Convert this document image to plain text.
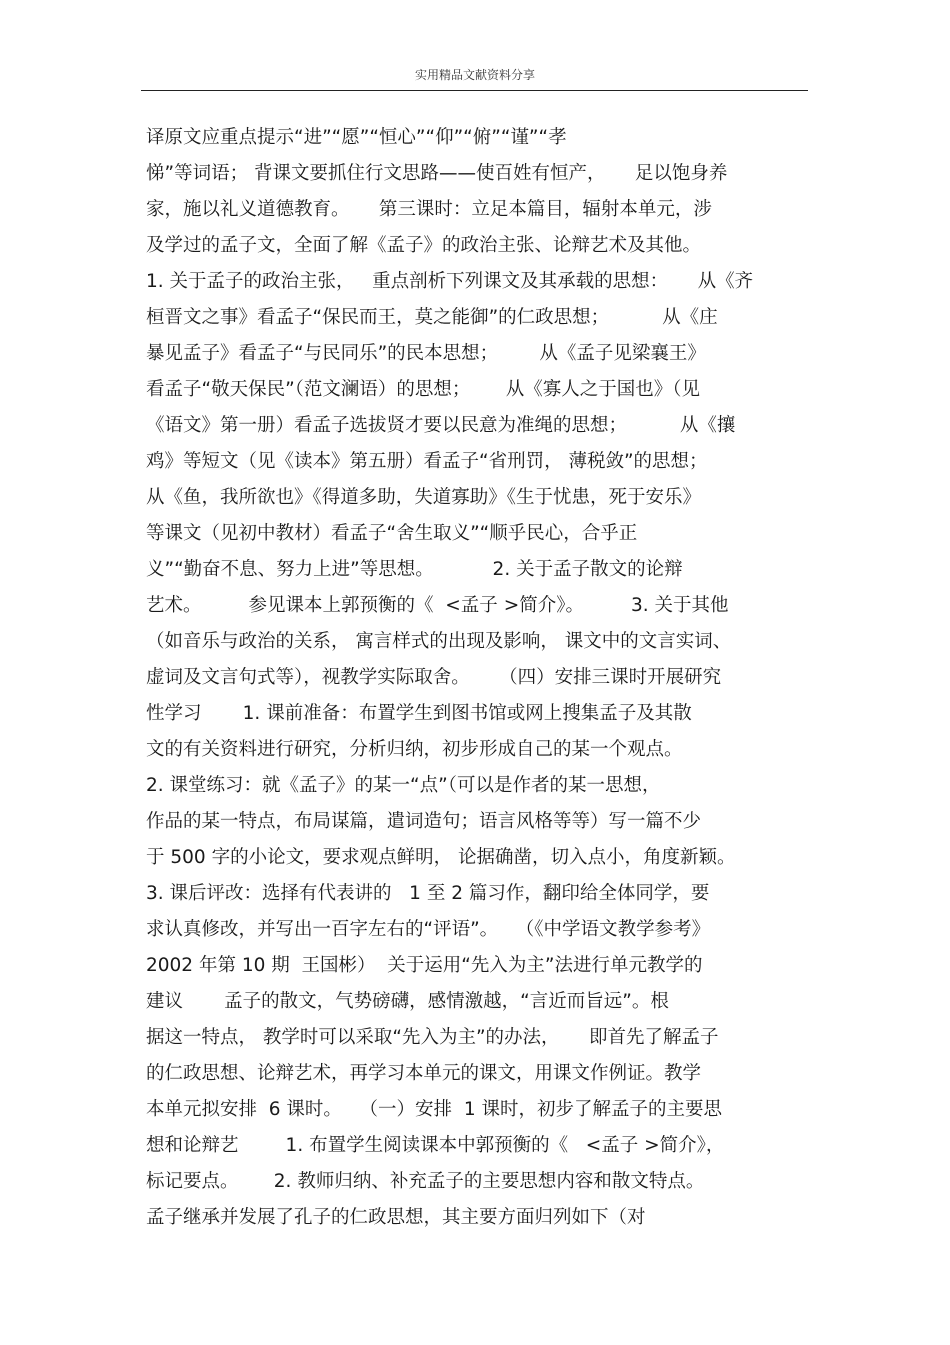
实用精品文献资料分享
译原文应重点提示“进”“愿”“恒心”“仰”“俯”“谨”“孝
悌”等词语； 背课文要抓住行文思路——使百姓有恒产，     足以饱身养
家，施以礼义道德教育。     第三课时：立足本篇目，辐射本单元，涉
及学过的孟子文，全面了解《孟子》的政治主张、论辩艺术及其他。
1. 关于孟子的政治主张，   重点剖析下列课文及其承载的思想：     从《齐
桓晋文之事》看孟子“保民而王，莫之能御”的仁政思想；         从《庄
暴见孟子》看孟子“与民同乐”的民本思想；       从《孟子见梁襄王》
看孟子“敬天保民”（范文澜语）的思想；      从《寡人之于国也》（见
《语文》第一册）看孟子选拔贤才要以民意为准绳的思想；         从《攘
鸡》等短文（见《读本》第五册）看孟子“省刑罚， 薄税敛”的思想；
从《鱼，我所欲也》《得道多助，失道寡助》《生于忧患，死于安乐》
等课文（见初中教材）看孟子“舍生取义”“顺乎民心，合乎正
义”“勤奋不息、努力上进”等思想。          2. 关于孟子散文的论辩
艺术。        参见课本上郭预衡的《  <孟子 >简介》。        3. 关于其他
（如音乐与政治的关系， 寓言样式的出现及影响， 课文中的文言实词、
虚词及文言句式等），视教学实际取舍。     （四）安排三课时开展研究
性学习       1. 课前准备：布置学生到图书馆或网上搜集孟子及其散
文的有关资料进行研究，分析归纳，初步形成自己的某一个观点。
2. 课堂练习：就《孟子》的某一“点”（可以是作者的某一思想，
作品的某一特点，布局谋篇，遣词造句；语言风格等等）写一篇不少
于 500 字的小论文，要求观点鲜明， 论据确凿，切入点小，角度新颖。
3. 课后评改：选择有代表讲的   1 至 2 篇习作，翻印给全体同学，要
求认真修改，并写出一百字左右的“评语”。   （《中学语文教学参考》
2002 年第 10 期  王国彬）  关于运用“先入为主”法进行单元教学的
建议       孟子的散文，气势磅礴，感情激越，“言近而旨远”。根
据这一特点， 教学时可以采取“先入为主”的办法，     即首先了解孟子
的仁政思想、论辩艺术，再学习本单元的课文，用课文作例证。教学
本单元拟安排  6 课时。   （一）安排  1 课时，初步了解孟子的主要思
想和论辩艺        1. 布置学生阅读课本中郭预衡的《   <孟子 >简介》，
标记要点。      2. 教师归纳、补充孟子的主要思想内容和散文特点。
孟子继承并发展了孔子的仁政思想，其主要方面归列如下（对
